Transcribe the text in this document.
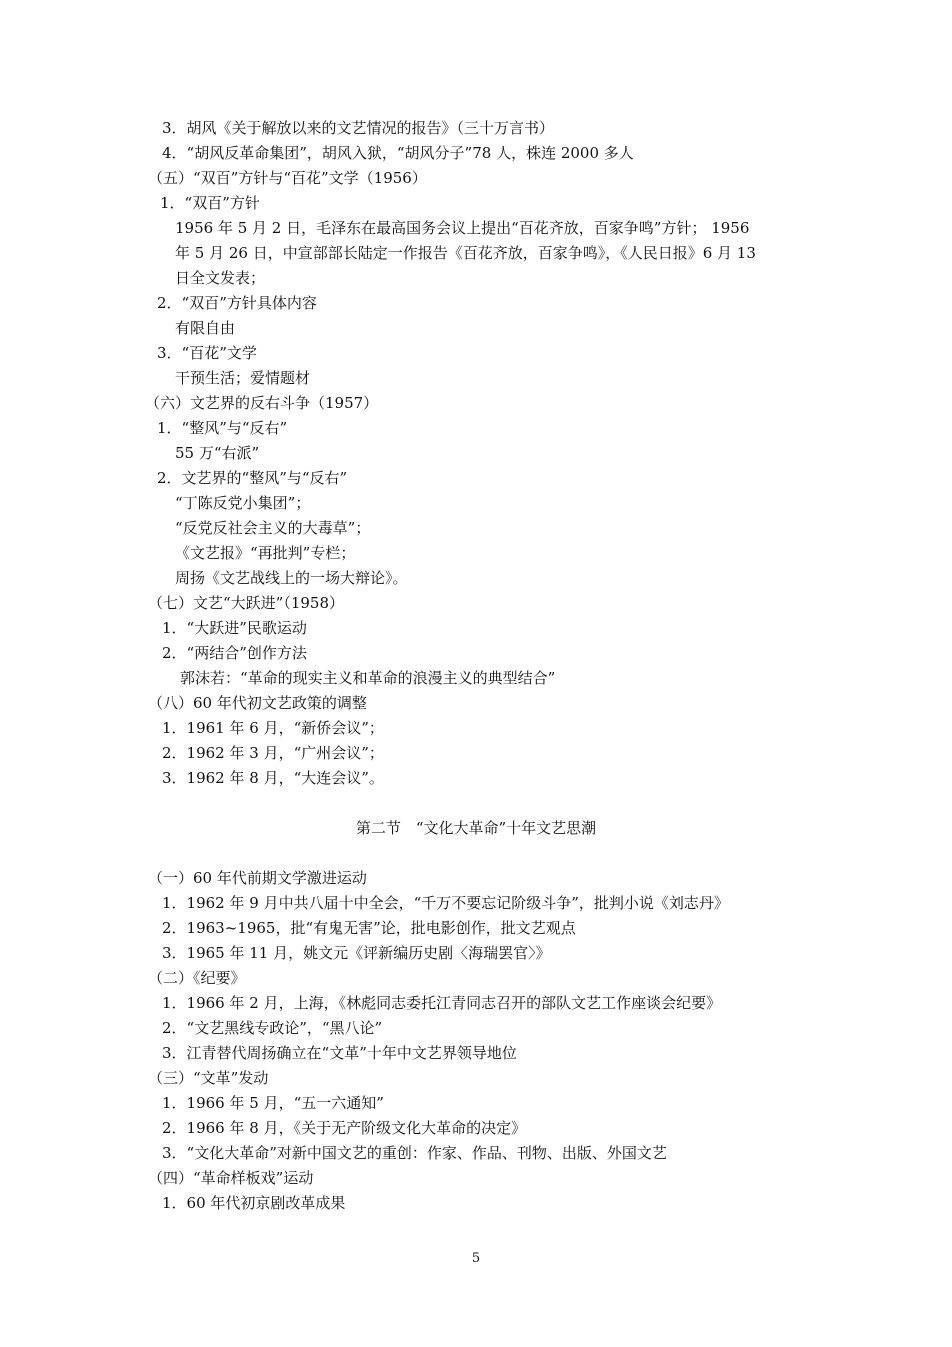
3．胡风《关于解放以来的文艺情况的报告》（三十万言书）
4．“胡风反革命集团”，胡风入狱，“胡风分子”78 人，株连 2000 多人
（五）“双百”方针与“百花”文学（1956）
1．“双百”方针
1956 年 5 月 2 日，毛泽东在最高国务会议上提出“百花齐放，百家争鸣”方针； 1956
年 5 月 26 日，中宣部部长陆定一作报告《百花齐放，百家争鸣》，《人民日报》6 月 13
日全文发表；
2．“双百”方针具体内容
有限自由
3．“百花”文学
干预生活；爱情题材
（六）文艺界的反右斗争（1957）
1．“整风”与“反右”
55 万“右派”
2．文艺界的“整风”与“反右”
“丁陈反党小集团”；
“反党反社会主义的大毒草”；
《文艺报》“再批判”专栏；
周扬《文艺战线上的一场大辩论》。
（七）文艺“大跃进”（1958）
1．“大跃进”民歌运动
2．“两结合”创作方法
郭沫若：“革命的现实主义和革命的浪漫主义的典型结合”
（八）60 年代初文艺政策的调整
1．1961 年 6 月，“新侨会议”；
2．1962 年 3 月，“广州会议”；
3．1962 年 8 月，“大连会议”。
第二节　“文化大革命”十年文艺思潮
（一）60 年代前期文学激进运动
1．1962 年 9 月中共八届十中全会，“千万不要忘记阶级斗争”，批判小说《刘志丹》
2．1963~1965，批“有鬼无害”论，批电影创作，批文艺观点
3．1965 年 11 月，姚文元《评新编历史剧〈海瑞罢官〉》
（二）《纪要》
1．1966 年 2 月，上海，《林彪同志委托江青同志召开的部队文艺工作座谈会纪要》
2．“文艺黑线专政论”，“黑八论”
3．江青替代周扬确立在“文革”十年中文艺界领导地位
（三）“文革”发动
1．1966 年 5 月，“五一六通知”
2．1966 年 8 月，《关于无产阶级文化大革命的决定》
3．“文化大革命”对新中国文艺的重创：作家、作品、刊物、出版、外国文艺
（四）“革命样板戏”运动
1．60 年代初京剧改革成果
5
